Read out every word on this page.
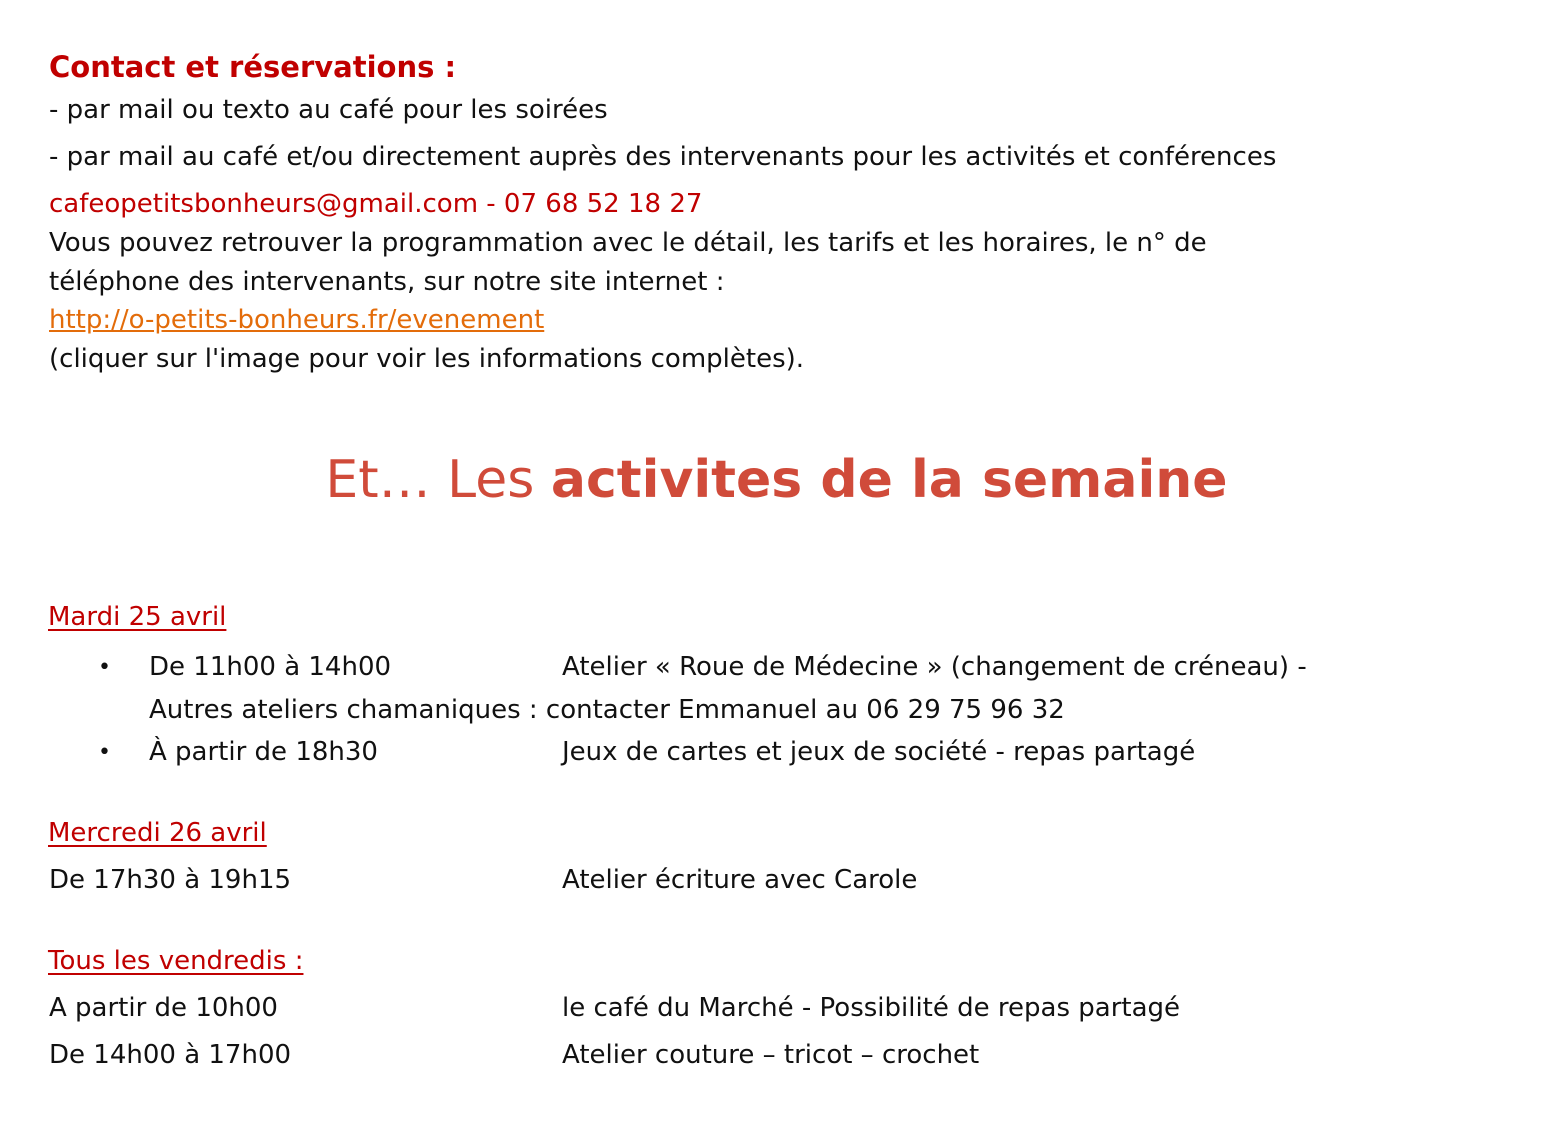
Contact et réservations :
- par mail ou texto au café pour les soirées
- par mail au café et/ou directement auprès des intervenants pour les activités et conférences
cafeopetitsbonheurs@gmail.com - 07 68 52 18 27
Vous pouvez retrouver la programmation avec le détail, les tarifs et les horaires, le n° de
téléphone des intervenants, sur notre site internet :
http://o-petits-bonheurs.fr/evenement
(cliquer sur l'image pour voir les informations complètes).
Et… Les activites de la semaine
Mardi 25 avril
• De 11h00 à 14h00	Atelier « Roue de Médecine » (changement de créneau) -
Autres ateliers chamaniques : contacter Emmanuel au 06 29 75 96 32
• À partir de 18h30	Jeux de cartes et jeux de société - repas partagé
Mercredi 26 avril
De 17h30 à 19h15	Atelier écriture avec Carole
Tous les vendredis :
A partir de 10h00	le café du Marché - Possibilité de repas partagé
De 14h00 à 17h00	Atelier couture – tricot – crochet
